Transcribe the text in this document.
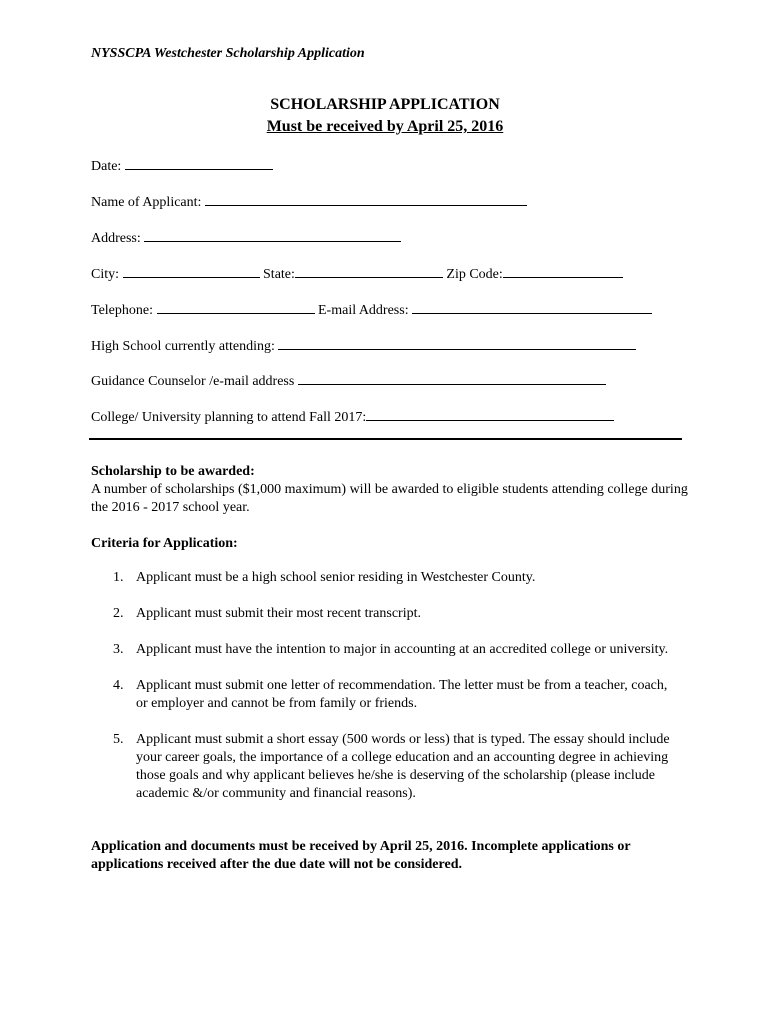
NYSSCPA Westchester Scholarship Application
SCHOLARSHIP APPLICATION
Must be received by April 25, 2016
Date:
Name of Applicant:
Address:
City:	State:	Zip Code:
Telephone:	E-mail Address:
High School currently attending:
Guidance Counselor /e-mail address
College/ University planning to attend Fall 2017:
Scholarship to be awarded:
A number of scholarships ($1,000 maximum) will be awarded to eligible students attending college during the 2016 - 2017 school year.
Criteria for Application:
1. Applicant must be a high school senior residing in Westchester County.
2. Applicant must submit their most recent transcript.
3. Applicant must have the intention to major in accounting at an accredited college or university.
4. Applicant must submit one letter of recommendation. The letter must be from a teacher, coach, or employer and cannot be from family or friends.
5. Applicant must submit a short essay (500 words or less) that is typed. The essay should include your career goals, the importance of a college education and an accounting degree in achieving those goals and why applicant believes he/she is deserving of the scholarship (please include academic &/or community and financial reasons).
Application and documents must be received by April 25, 2016. Incomplete applications or applications received after the due date will not be considered.
